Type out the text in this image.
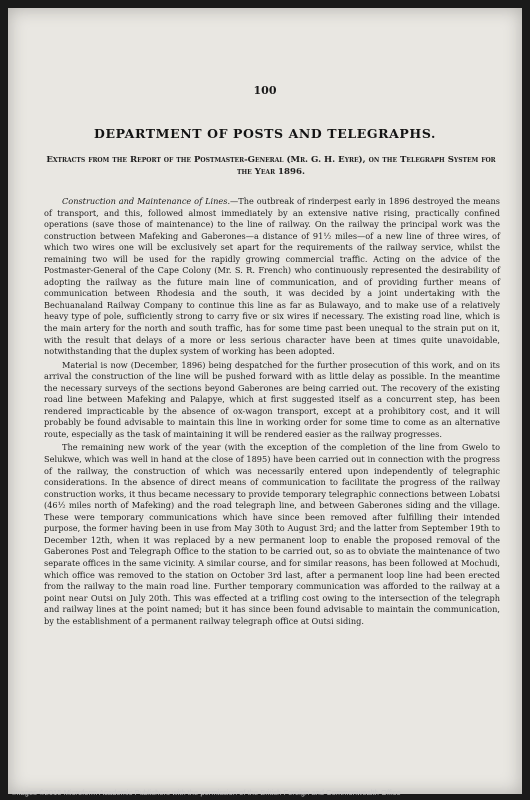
100
DEPARTMENT OF POSTS AND TELEGRAPHS.
Extracts from the Report of the Postmaster-General (Mr. G. H. Eyre), on the Telegraph System for the Year 1896.

Construction and Maintenance of Lines.—The outbreak of rinderpest early in 1896 destroyed the means of transport, and this, followed almost immediately by an extensive native rising, practically confined operations (save those of maintenance) to the line of railway. On the railway the principal work was the construction between Mafeking and Gaberones—a distance of 91½ miles—of a new line of three wires, of which two wires one will be exclusively set apart for the requirements of the railway service, whilst the remaining two will be used for the rapidly growing commercial traffic. Acting on the advice of the Postmaster-General of the Cape Colony (Mr. S. R. French) who continuously represented the desirability of adopting the railway as the future main line of communication, and of providing further means of communication between Rhodesia and the south, it was decided by a joint undertaking with the Bechuanaland Railway Company to continue this line as far as Bulawayo, and to make use of a relatively heavy type of pole, sufficiently strong to carry five or six wires if necessary. The existing road line, which is the main artery for the north and south traffic, has for some time past been unequal to the strain put on it, with the result that delays of a more or less serious character have been at times quite unavoidable, notwithstanding that the duplex system of working has been adopted.

Material is now (December, 1896) being despatched for the further prosecution of this work, and on its arrival the construction of the line will be pushed forward with as little delay as possible. In the meantime the necessary surveys of the sections beyond Gaberones are being carried out. The recovery of the existing road line between Mafeking and Palapye, which at first suggested itself as a concurrent step, has been rendered impracticable by the absence of ox-wagon transport, except at a prohibitory cost, and it will probably be found advisable to maintain this line in working order for some time to come as an alternative route, especially as the task of maintaining it will be rendered easier as the railway progresses.

The remaining new work of the year (with the exception of the completion of the line from Gwelo to Selukwe, which was well in hand at the close of 1895) have been carried out in connection with the progress of the railway, the construction of which was necessarily entered upon independently of telegraphic considerations. In the absence of direct means of communication to facilitate the progress of the railway construction works, it thus became necessary to provide temporary telegraphic connections between Lobatsi (46½ miles north of Mafeking) and the road telegraph line, and between Gaberones siding and the village. These were temporary communications which have since been removed after fulfilling their intended purpose, the former having been in use from May 30th to August 3rd; and the latter from September 19th to December 12th, when it was replaced by a new permanent loop to enable the proposed removal of the Gaberones Post and Telegraph Office to the station to be carried out, so as to obviate the maintenance of two separate offices in the same vicinity. A similar course, and for similar reasons, has been followed at Mochudi, which office was removed to the station on October 3rd last, after a permanent loop line had been erected from the railway to the main road line. Further temporary communication was afforded to the railway at a point near Outsi on July 20th. This was effected at a trifling cost owing to the intersection of the telegraph and railway lines at the point named; but it has since been found advisable to maintain the communication, by the establishment of a permanent railway telegraph office at Outsi siding.

Images ©2015 Microform Academic Publishers with the permission of the British Foreign and Commonwealth Office
